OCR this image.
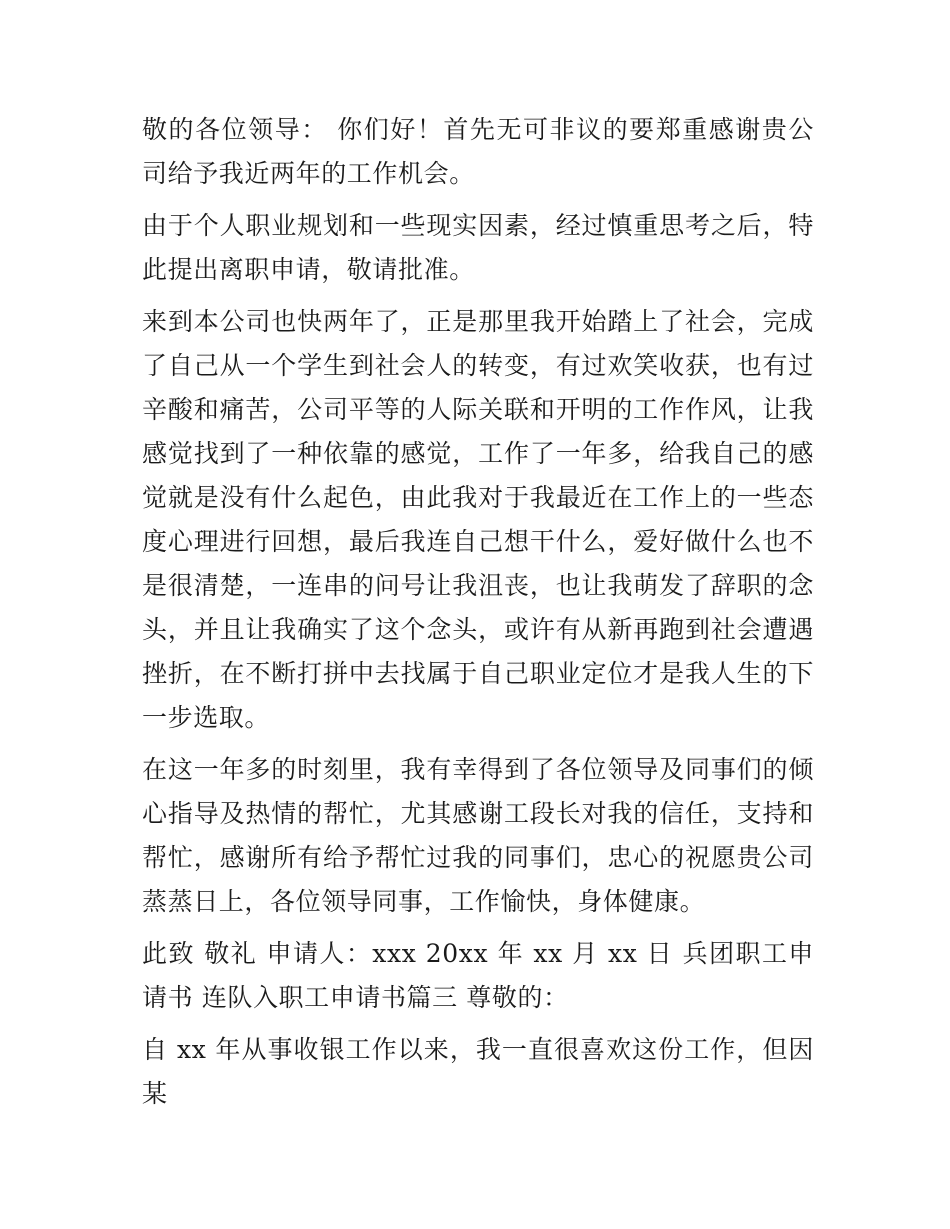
敬的各位领导： 你们好！首先无可非议的要郑重感谢贵公司给予我近两年的工作机会。

由于个人职业规划和一些现实因素，经过慎重思考之后，特此提出离职申请，敬请批准。

来到本公司也快两年了，正是那里我开始踏上了社会，完成了自己从一个学生到社会人的转变，有过欢笑收获，也有过辛酸和痛苦，公司平等的人际关联和开明的工作作风，让我感觉找到了一种依靠的感觉，工作了一年多，给我自己的感觉就是没有什么起色，由此我对于我最近在工作上的一些态度心理进行回想，最后我连自己想干什么，爱好做什么也不是很清楚，一连串的问号让我沮丧，也让我萌发了辞职的念头，并且让我确实了这个念头，或许有从新再跑到社会遭遇挫折，在不断打拼中去找属于自己职业定位才是我人生的下一步选取。

在这一年多的时刻里，我有幸得到了各位领导及同事们的倾心指导及热情的帮忙，尤其感谢工段长对我的信任，支持和帮忙，感谢所有给予帮忙过我的同事们，忠心的祝愿贵公司蒸蒸日上，各位领导同事，工作愉快，身体健康。

此致 敬礼 申请人：xxx 20xx 年 xx 月 xx 日 兵团职工申请书 连队入职工申请书篇三 尊敬的：

自 xx 年从事收银工作以来，我一直很喜欢这份工作，但因某
